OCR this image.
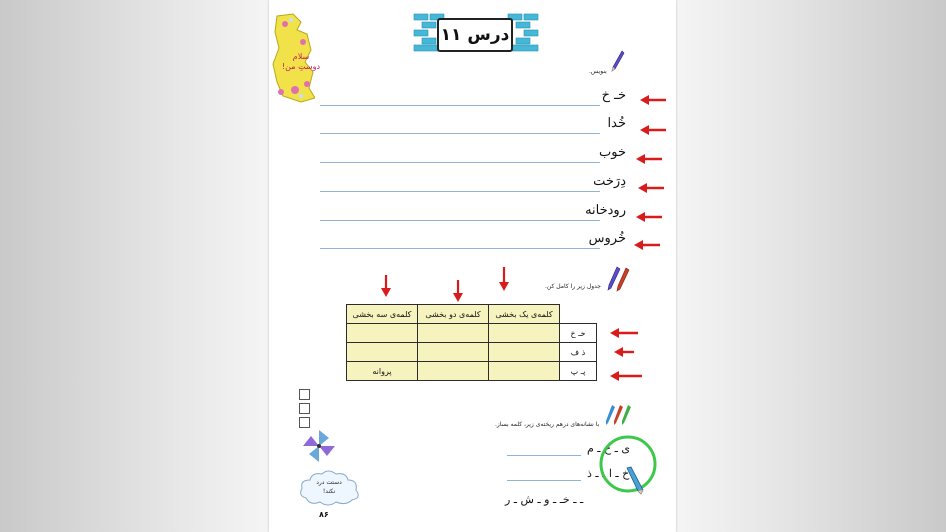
درس ۱۱
سلام
دوستِ من!
بنویس.
خـ خ
خُدا
خوب
دِرَخت
رودخانه
خُروس
جدول زیر را کامل کن.
	کلمه‌ی یک بخشی	کلمه‌ی دو بخشی	کلمه‌ی سه بخشی
خـ خ			
ذ ف			
پـ پ			پروانه
با نشانه‌های درهم ریخته‌ی زیر، کلمه بساز.
ی ـ خ ـ م
خ ـ ا ـ ـ ذ
ـ ـ خـ ـ و ـ ش ـ ر
دستت درد
نکند!
۸۶
